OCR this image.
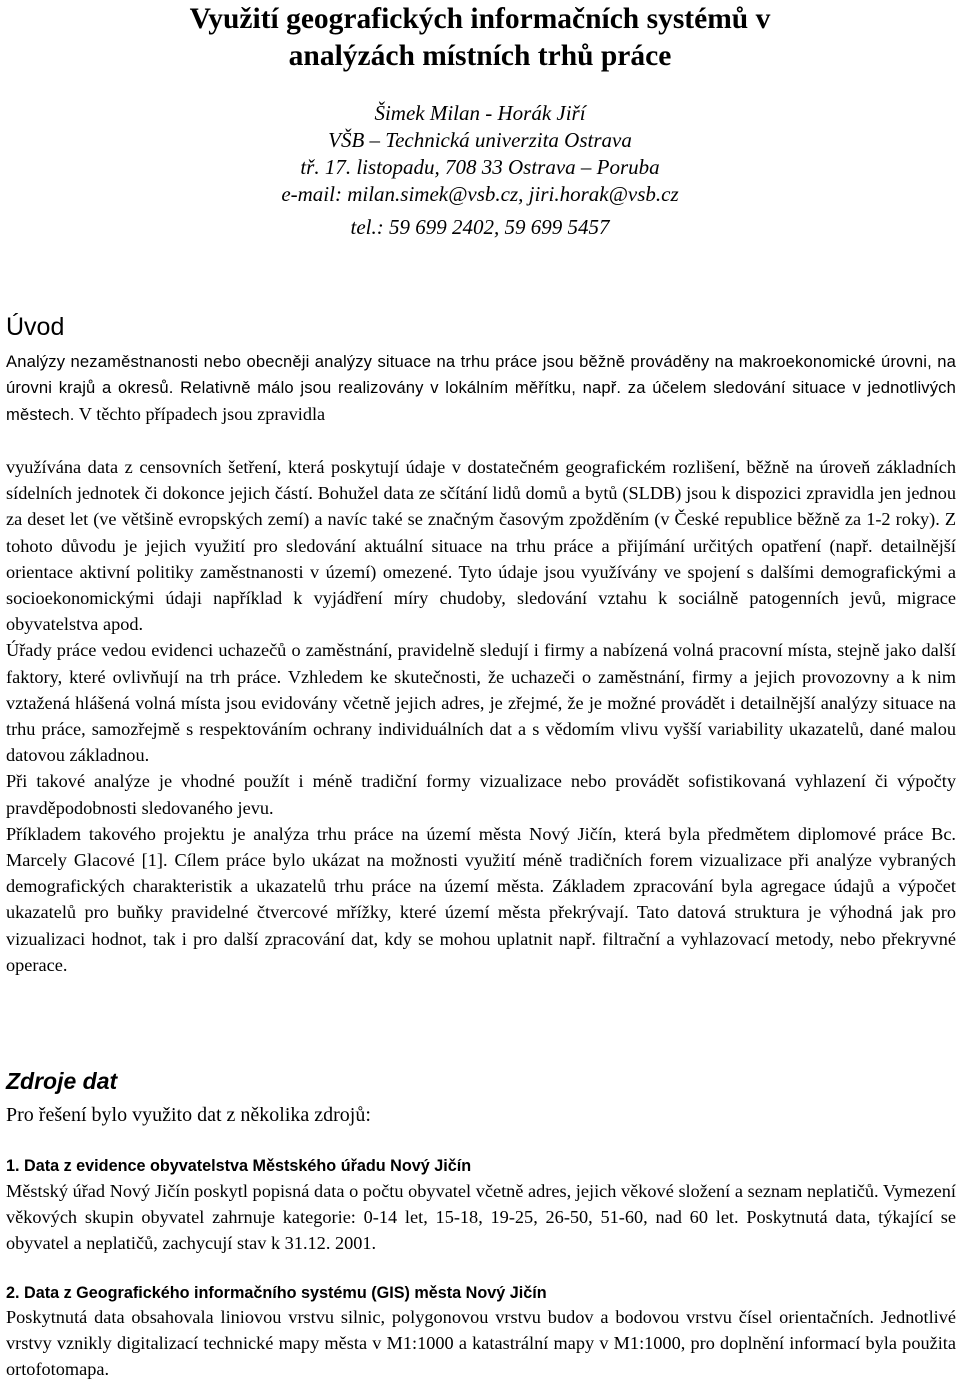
Využití geografických informačních systémů v
analýzách místních trhů práce
Šimek Milan - Horák Jiří
VŠB – Technická univerzita Ostrava
tř. 17. listopadu, 708 33 Ostrava – Poruba
e-mail: milan.simek@vsb.cz, jiri.horak@vsb.cz
tel.: 59 699 2402, 59 699 5457
Úvod
Analýzy nezaměstnanosti nebo obecněji analýzy situace na trhu práce jsou běžně prováděny na makroekonomické úrovni, na úrovni krajů a okresů. Relativně málo jsou realizovány v lokálním měřítku, např. za účelem sledování situace v jednotlivých městech. V těchto případech jsou zpravidla

využívána data z censovních šetření, která poskytují údaje v dostatečném geografickém rozlišení, běžně na úroveň základních sídelních jednotek či dokonce jejich částí. Bohužel data ze sčítání lidů domů a bytů (SLDB) jsou k dispozici zpravidla jen jednou za deset let (ve většině evropských zemí) a navíc také se značným časovým zpožděním (v České republice běžně za 1-2 roky). Z tohoto důvodu je jejich využití pro sledování aktuální situace na trhu práce a přijímání určitých opatření (např. detailnější orientace aktivní politiky zaměstnanosti v území) omezené. Tyto údaje jsou využívány ve spojení s dalšími demografickými a socioekonomickými údaji například k vyjádření míry chudoby, sledování vztahu k sociálně patogenních jevů, migrace obyvatelstva apod.

Úřady práce vedou evidenci uchazečů o zaměstnání, pravidelně sledují i firmy a nabízená volná pracovní místa, stejně jako další faktory, které ovlivňují na trh práce. Vzhledem ke skutečnosti, že uchazeči o zaměstnání, firmy a jejich provozovny a k nim vztažená hlášená volná místa jsou evidovány včetně jejich adres, je zřejmé, že je možné provádět i detailnější analýzy situace na trhu práce, samozřejmě s respektováním ochrany individuálních dat a s vědomím vlivu vyšší variability ukazatelů, dané malou datovou základnou.

Při takové analýze je vhodné použít i méně tradiční formy vizualizace nebo provádět sofistikovaná vyhlazení či výpočty pravděpodobnosti sledovaného jevu.

Příkladem takového projektu je analýza trhu práce na území města Nový Jičín, která byla předmětem diplomové práce Bc. Marcely Glacové [1]. Cílem práce bylo ukázat na možnosti využití méně tradičních forem vizualizace při analýze vybraných demografických charakteristik a ukazatelů trhu práce na území města. Základem zpracování byla agregace údajů a výpočet ukazatelů pro buňky pravidelné čtvercové mřížky, které území města překrývají. Tato datová struktura je výhodná jak pro vizualizaci hodnot, tak i pro další zpracování dat, kdy se mohou uplatnit např. filtrační a vyhlazovací metody, nebo překryvné operace.

Zdroje dat
Pro řešení bylo využito dat z několika zdrojů:
1. Data z evidence obyvatelstva Městského úřadu Nový Jičín
Městský úřad Nový Jičín poskytl popisná data o počtu obyvatel včetně adres, jejich věkové složení a seznam neplatičů. Vymezení věkových skupin obyvatel zahrnuje kategorie: 0-14 let, 15-18, 19-25, 26-50, 51-60, nad 60 let. Poskytnutá data, týkající se obyvatel a neplatičů, zachycují stav k 31.12. 2001.
2. Data z Geografického informačního systému (GIS) města Nový Jičín
Poskytnutá data obsahovala liniovou vrstvu silnic, polygonovou vrstvu budov a bodovou vrstvu čísel orientačních. Jednotlivé vrstvy vznikly digitalizací technické mapy města v M1:1000 a katastrální mapy v M1:1000, pro doplnění informací byla použita ortofotomapa.
